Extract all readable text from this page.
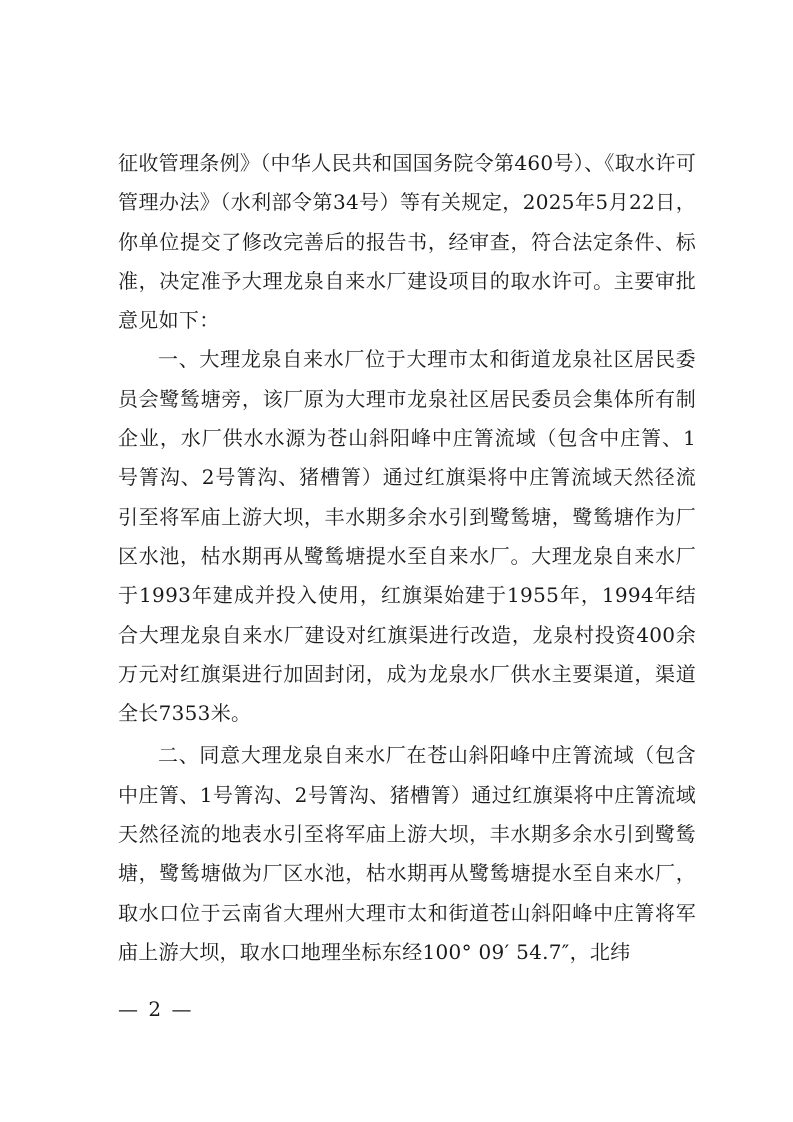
征收管理条例》（中华人民共和国国务院令第460号）、《取水许可管理办法》（水利部令第34号）等有关规定，2025年5月22日，你单位提交了修改完善后的报告书，经审查，符合法定条件、标准，决定准予大理龙泉自来水厂建设项目的取水许可。主要审批意见如下：

一、大理龙泉自来水厂位于大理市太和街道龙泉社区居民委员会鹭鸶塘旁，该厂原为大理市龙泉社区居民委员会集体所有制企业，水厂供水水源为苍山斜阳峰中庄箐流域（包含中庄箐、1号箐沟、2号箐沟、猪槽箐）通过红旗渠将中庄箐流域天然径流引至将军庙上游大坝，丰水期多余水引到鹭鸶塘，鹭鸶塘作为厂区水池，枯水期再从鹭鸶塘提水至自来水厂。大理龙泉自来水厂于1993年建成并投入使用，红旗渠始建于1955年，1994年结合大理龙泉自来水厂建设对红旗渠进行改造，龙泉村投资400余万元对红旗渠进行加固封闭，成为龙泉水厂供水主要渠道，渠道全长7353米。

二、同意大理龙泉自来水厂在苍山斜阳峰中庄箐流域（包含中庄箐、1号箐沟、2号箐沟、猪槽箐）通过红旗渠将中庄箐流域天然径流的地表水引至将军庙上游大坝，丰水期多余水引到鹭鸶塘，鹭鸶塘做为厂区水池，枯水期再从鹭鸶塘提水至自来水厂，取水口位于云南省大理州大理市太和街道苍山斜阳峰中庄箐将军庙上游大坝，取水口地理坐标东经100° 09′ 54.7″，北纬

— 2 —
